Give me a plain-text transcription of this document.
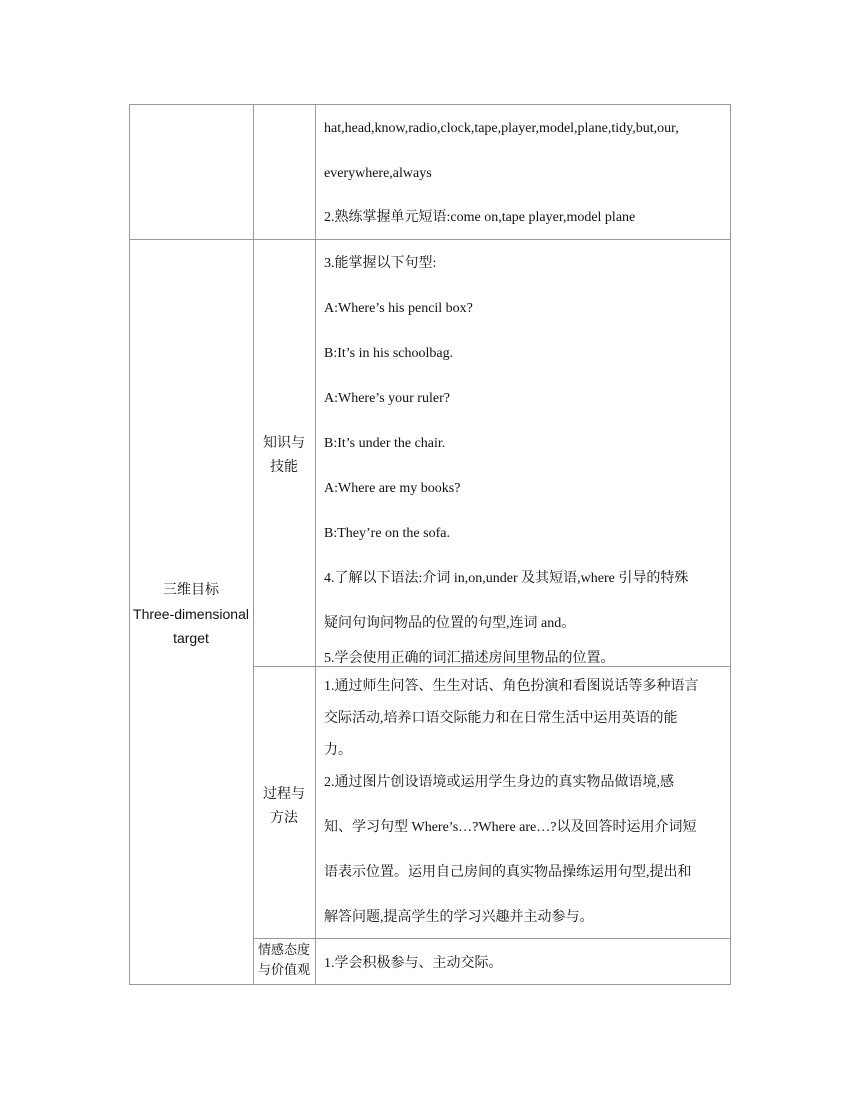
hat,head,know,radio,clock,tape,player,model,plane,tidy,but,our,
everywhere,always
2.熟练掌握单元短语:come on,tape player,model plane
三维目标
Three-dimensional
target
知识与
技能
3.能掌握以下句型:
A:Where’s his pencil box?
B:It’s in his schoolbag.
A:Where’s your ruler?
B:It’s under the chair.
A:Where are my books?
B:They’re on the sofa.
4.了解以下语法:介词 in,on,under 及其短语,where 引导的特殊
疑问句询问物品的位置的句型,连词 and。
5.学会使用正确的词汇描述房间里物品的位置。
过程与
方法
1.通过师生问答、生生对话、角色扮演和看图说话等多种语言
交际活动,培养口语交际能力和在日常生活中运用英语的能
力。
2.通过图片创设语境或运用学生身边的真实物品做语境,感
知、学习句型 Where’s…?Where are…?以及回答时运用介词短
语表示位置。运用自己房间的真实物品操练运用句型,提出和
解答问题,提高学生的学习兴趣并主动参与。
情感态度
与价值观	1.学会积极参与、主动交际。
